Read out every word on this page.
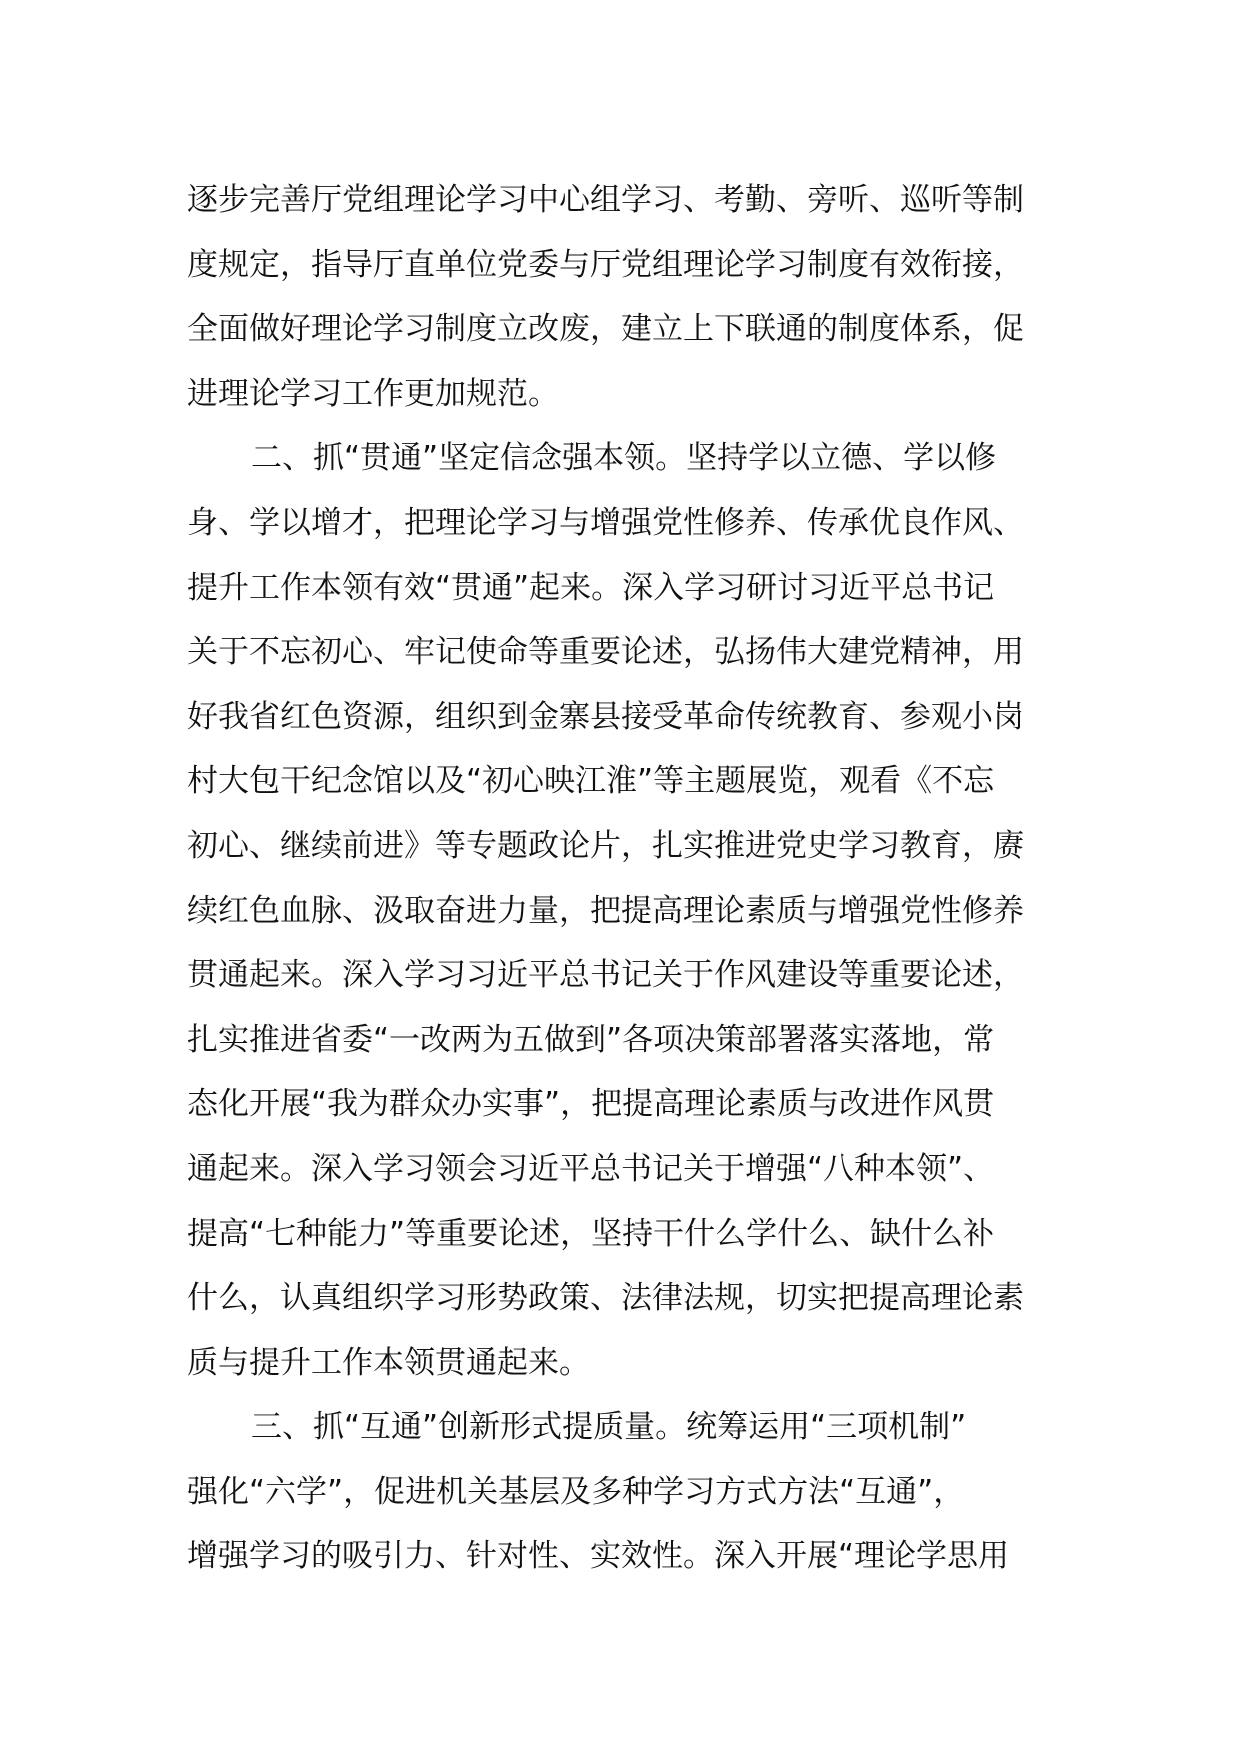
逐步完善厅党组理论学习中心组学习、考勤、旁听、巡听等制
度规定，指导厅直单位党委与厅党组理论学习制度有效衔接，
全面做好理论学习制度立改废，建立上下联通的制度体系，促
进理论学习工作更加规范。
二、抓“贯通”坚定信念强本领。坚持学以立德、学以修
身、学以增才，把理论学习与增强党性修养、传承优良作风、
提升工作本领有效“贯通”起来。深入学习研讨习近平总书记
关于不忘初心、牢记使命等重要论述，弘扬伟大建党精神，用
好我省红色资源，组织到金寨县接受革命传统教育、参观小岗
村大包干纪念馆以及“初心映江淮”等主题展览，观看《不忘
初心、继续前进》等专题政论片，扎实推进党史学习教育，赓
续红色血脉、汲取奋进力量，把提高理论素质与增强党性修养
贯通起来。深入学习习近平总书记关于作风建设等重要论述，
扎实推进省委“一改两为五做到”各项决策部署落实落地，常
态化开展“我为群众办实事”，把提高理论素质与改进作风贯
通起来。深入学习领会习近平总书记关于增强“八种本领”、
提高“七种能力”等重要论述，坚持干什么学什么、缺什么补
什么，认真组织学习形势政策、法律法规，切实把提高理论素
质与提升工作本领贯通起来。
三、抓“互通”创新形式提质量。统筹运用“三项机制”
强化“六学”，促进机关基层及多种学习方式方法“互通”，
增强学习的吸引力、针对性、实效性。深入开展“理论学思用
